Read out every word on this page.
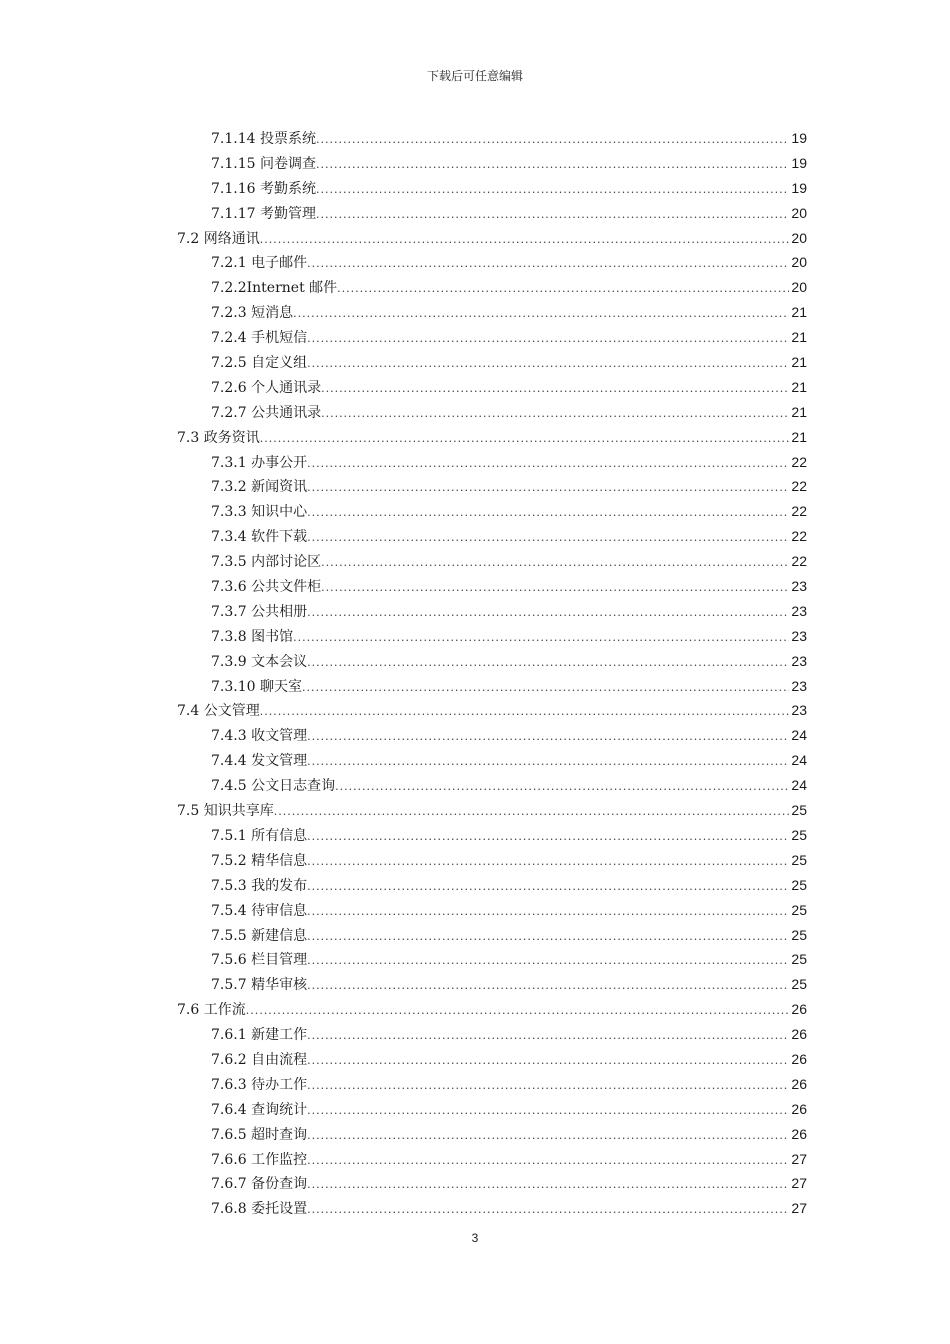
下载后可任意编辑
7.1.14 投票系统 .....	19
7.1.15 问卷调查 .....	19
7.1.16 考勤系统 .....	19
7.1.17 考勤管理 .....	20
7.2 网络通讯 .....	20
7.2.1 电子邮件 .....	20
7.2.2Internet 邮件 .....	20
7.2.3 短消息 .....	21
7.2.4 手机短信 .....	21
7.2.5 自定义组 .....	21
7.2.6 个人通讯录 .....	21
7.2.7 公共通讯录 .....	21
7.3 政务资讯 .....	21
7.3.1 办事公开 .....	22
7.3.2 新闻资讯 .....	22
7.3.3 知识中心 .....	22
7.3.4 软件下载 .....	22
7.3.5 内部讨论区 .....	22
7.3.6 公共文件柜 .....	23
7.3.7 公共相册 .....	23
7.3.8 图书馆 .....	23
7.3.9 文本会议 .....	23
7.3.10 聊天室 .....	23
7.4 公文管理 .....	23
7.4.3 收文管理 .....	24
7.4.4 发文管理 .....	24
7.4.5 公文日志查询 .....	24
7.5 知识共享库 .....	25
7.5.1 所有信息 .....	25
7.5.2 精华信息 .....	25
7.5.3 我的发布 .....	25
7.5.4 待审信息 .....	25
7.5.5 新建信息 .....	25
7.5.6 栏目管理 .....	25
7.5.7 精华审核 .....	25
7.6 工作流 .....	26
7.6.1 新建工作 .....	26
7.6.2 自由流程 .....	26
7.6.3 待办工作 .....	26
7.6.4 查询统计 .....	26
7.6.5 超时查询 .....	26
7.6.6 工作监控 .....	27
7.6.7 备份查询 .....	27
7.6.8 委托设置 .....	27
3
